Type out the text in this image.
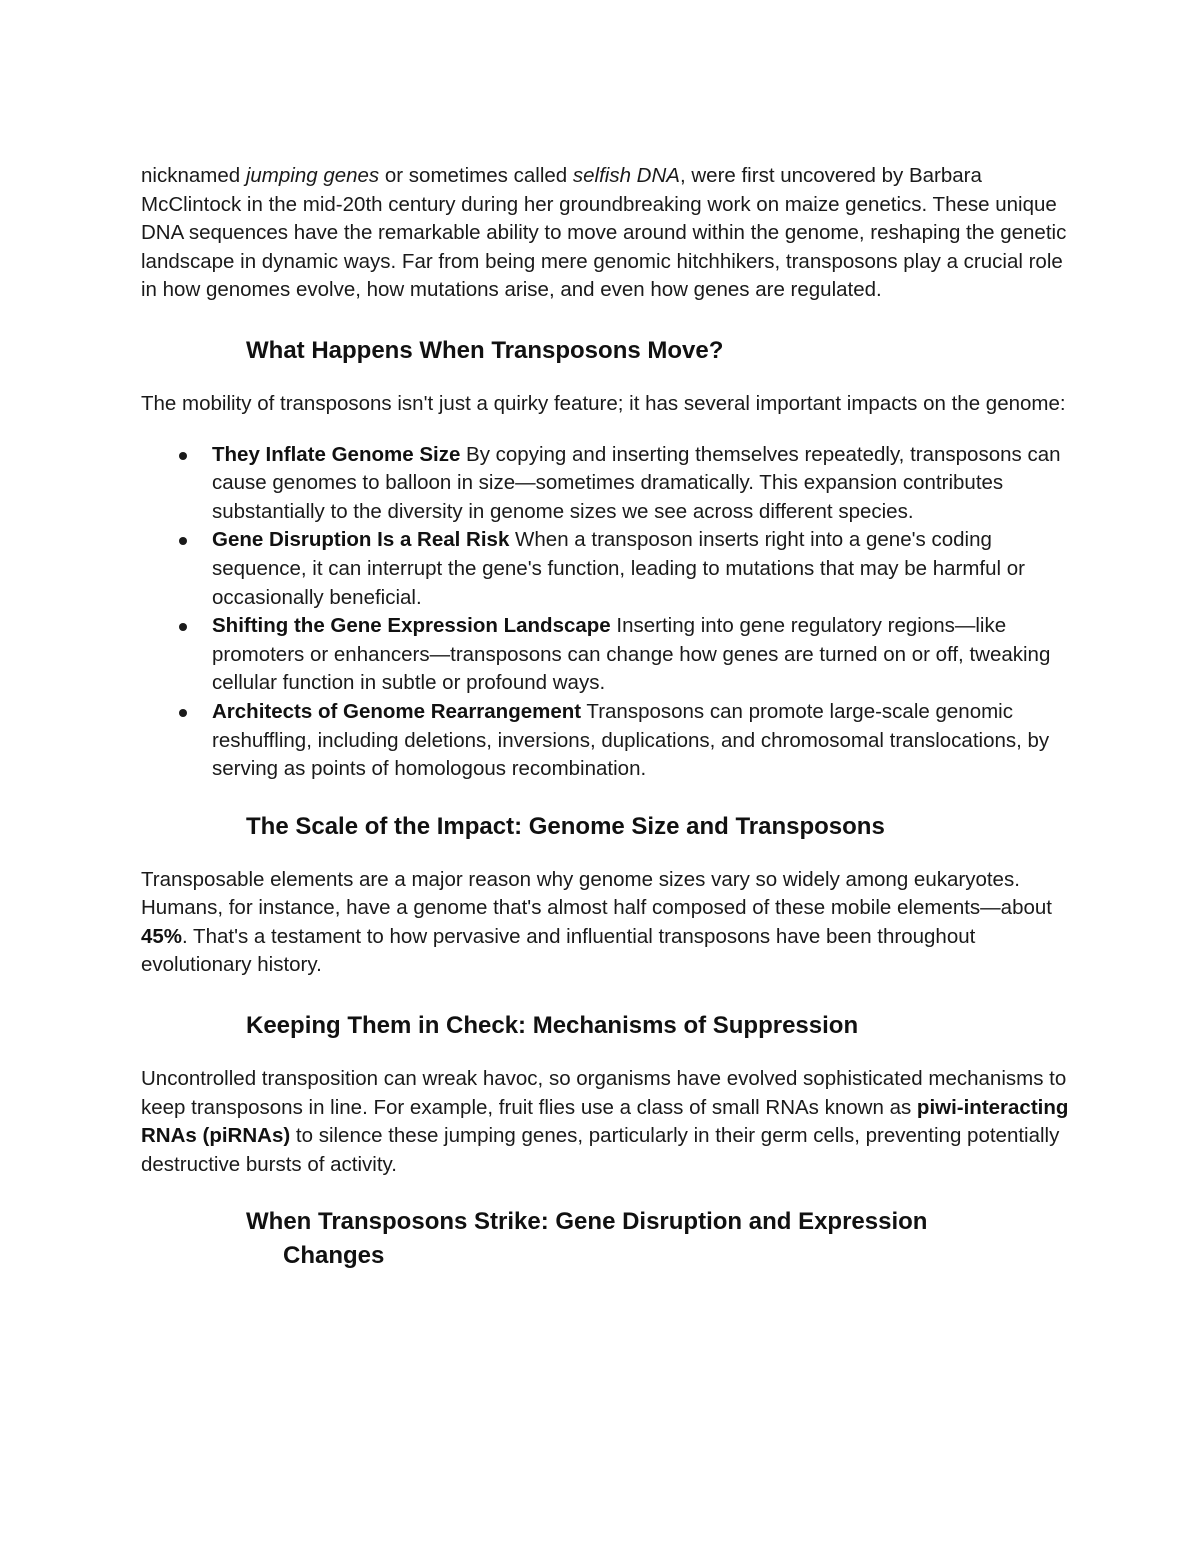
nicknamed jumping genes or sometimes called selfish DNA, were first uncovered by Barbara McClintock in the mid-20th century during her groundbreaking work on maize genetics. These unique DNA sequences have the remarkable ability to move around within the genome, reshaping the genetic landscape in dynamic ways. Far from being mere genomic hitchhikers, transposons play a crucial role in how genomes evolve, how mutations arise, and even how genes are regulated.

What Happens When Transposons Move?

The mobility of transposons isn't just a quirky feature; it has several important impacts on the genome:

They Inflate Genome Size By copying and inserting themselves repeatedly, transposons can cause genomes to balloon in size—sometimes dramatically. This expansion contributes substantially to the diversity in genome sizes we see across different species.
Gene Disruption Is a Real Risk When a transposon inserts right into a gene's coding sequence, it can interrupt the gene's function, leading to mutations that may be harmful or occasionally beneficial.
Shifting the Gene Expression Landscape Inserting into gene regulatory regions—like promoters or enhancers—transposons can change how genes are turned on or off, tweaking cellular function in subtle or profound ways.
Architects of Genome Rearrangement Transposons can promote large-scale genomic reshuffling, including deletions, inversions, duplications, and chromosomal translocations, by serving as points of homologous recombination.
The Scale of the Impact: Genome Size and Transposons

Transposable elements are a major reason why genome sizes vary so widely among eukaryotes. Humans, for instance, have a genome that's almost half composed of these mobile elements—about 45%. That's a testament to how pervasive and influential transposons have been throughout evolutionary history.

Keeping Them in Check: Mechanisms of Suppression

Uncontrolled transposition can wreak havoc, so organisms have evolved sophisticated mechanisms to keep transposons in line. For example, fruit flies use a class of small RNAs known as piwi-interacting RNAs (piRNAs) to silence these jumping genes, particularly in their germ cells, preventing potentially destructive bursts of activity.

When Transposons Strike: Gene Disruption and Expression
Changes
